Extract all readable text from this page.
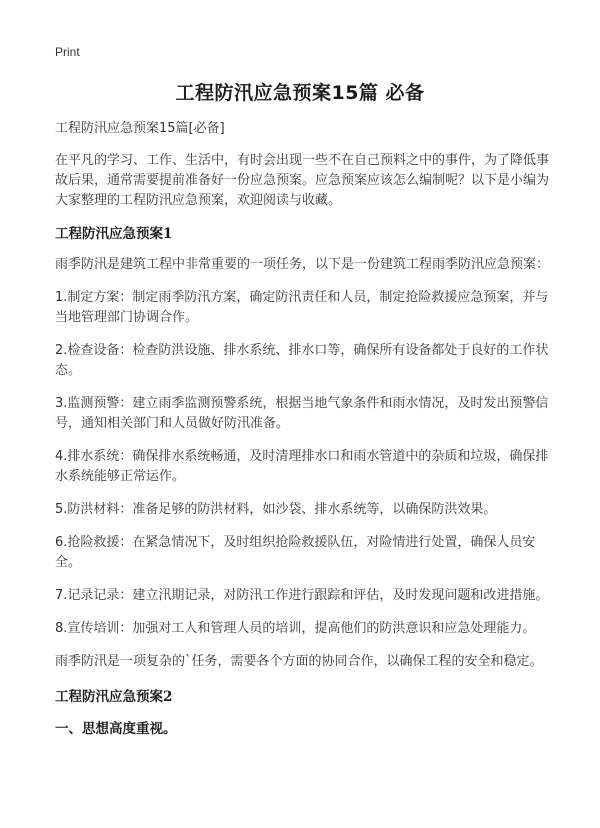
Print
工程防汛应急预案15篇 必备

工程防汛应急预案15篇[必备]

在平凡的学习、工作、生活中，有时会出现一些不在自己预料之中的事件，为了降低事故后果，通常需要提前准备好一份应急预案。应急预案应该怎么编制呢？以下是小编为大家整理的工程防汛应急预案，欢迎阅读与收藏。

工程防汛应急预案1

雨季防汛是建筑工程中非常重要的一项任务，以下是一份建筑工程雨季防汛应急预案：

1.制定方案：制定雨季防汛方案，确定防汛责任和人员，制定抢险救援应急预案，并与当地管理部门协调合作。

2.检查设备：检查防洪设施、排水系统、排水口等，确保所有设备都处于良好的工作状态。

3.监测预警：建立雨季监测预警系统，根据当地气象条件和雨水情况，及时发出预警信号，通知相关部门和人员做好防汛准备。

4.排水系统：确保排水系统畅通，及时清理排水口和雨水管道中的杂质和垃圾，确保排水系统能够正常运作。

5.防洪材料：准备足够的防洪材料，如沙袋、排水系统等，以确保防洪效果。

6.抢险救援：在紧急情况下，及时组织抢险救援队伍，对险情进行处置，确保人员安全。

7.记录记录：建立汛期记录，对防汛工作进行跟踪和评估，及时发现问题和改进措施。

8.宣传培训：加强对工人和管理人员的培训，提高他们的防洪意识和应急处理能力。

雨季防汛是一项复杂的`任务，需要各个方面的协同合作，以确保工程的安全和稳定。

工程防汛应急预案2

一、思想高度重视。
